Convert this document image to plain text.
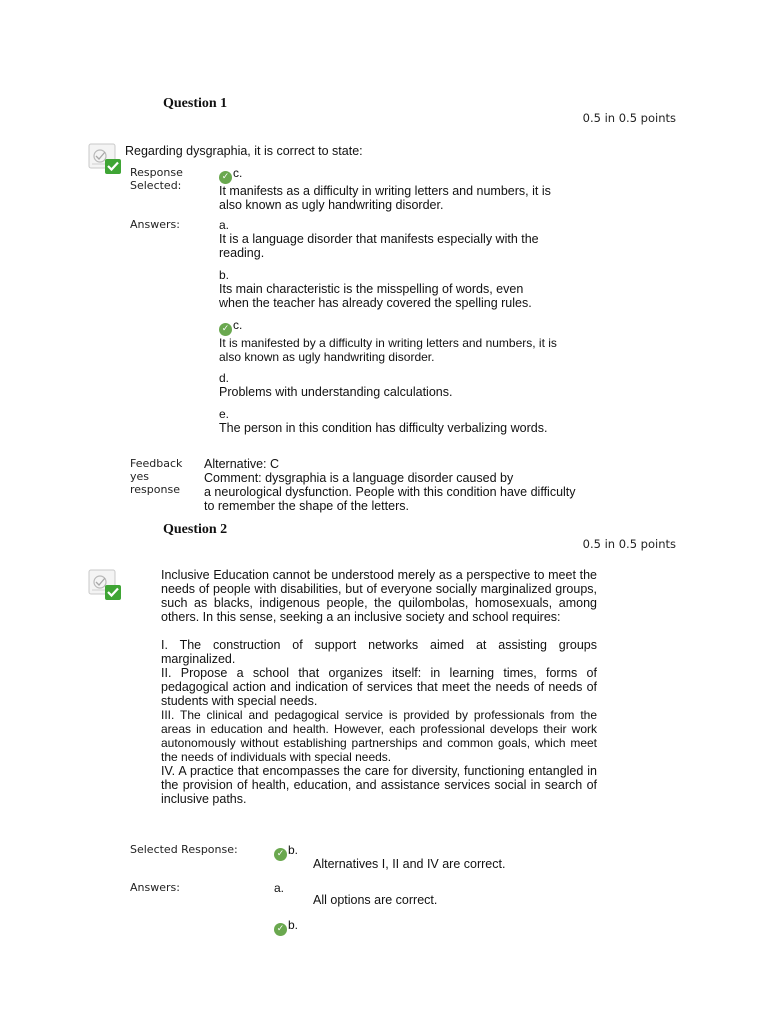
Question 1
0.5 in 0.5 points
Regarding dysgraphia, it is correct to state:
Response
Selected:
✓ c.
It manifests as a difficulty in writing letters and numbers, it is also known as ugly handwriting disorder.
Answers:	a.
It is a language disorder that manifests especially with the reading.
b.
Its main characteristic is the misspelling of words, even when the teacher has already covered the spelling rules.
✓ c.
It is manifested by a difficulty in writing letters and numbers, it is also known as ugly handwriting disorder.
d.
Problems with understanding calculations.
e.
The person in this condition has difficulty verbalizing words.
Feedback
yes
response
Alternative: C
Comment: dysgraphia is a language disorder caused by
a neurological dysfunction. People with this condition have difficulty
to remember the shape of the letters.
Question 2
0.5 in 0.5 points
Inclusive Education cannot be understood merely as a perspective to meet the needs of people with disabilities, but of everyone socially marginalized groups, such as blacks, indigenous people, the quilombolas, homosexuals, among others. In this sense, seeking a an inclusive society and school requires:
I. The construction of support networks aimed at assisting groups marginalized.
II. Propose a school that organizes itself: in learning times, forms of pedagogical action and indication of services that meet the needs of needs of students with special needs.
III. The clinical and pedagogical service is provided by professionals from the areas in education and health. However, each professional develops their work autonomously without establishing partnerships and common goals, which meet the needs of individuals with special needs.
IV. A practice that encompasses the care for diversity, functioning entangled in the provision of health, education, and assistance services social in search of inclusive paths.
Selected Response:	✓ b.
Alternatives I, II and IV are correct.
Answers:	a.
All options are correct.
✓ b.
